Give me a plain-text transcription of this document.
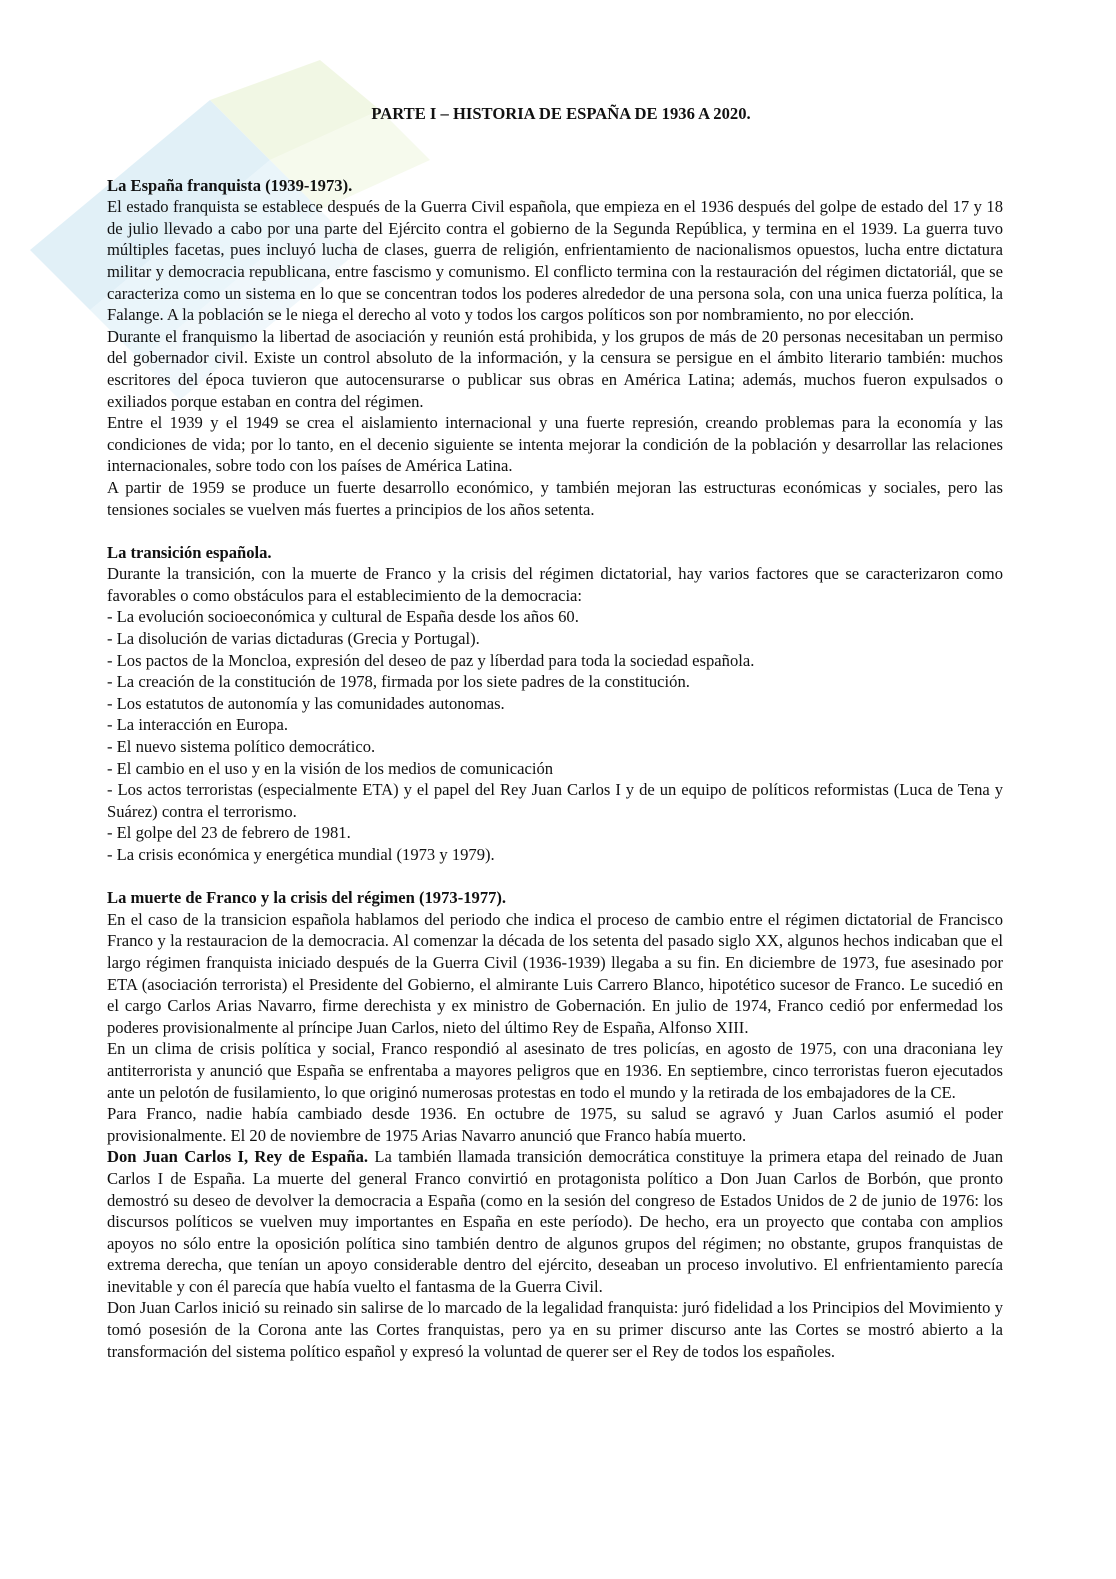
PARTE I – HISTORIA DE ESPAÑA DE 1936 A 2020.
La España franquista (1939-1973).

El estado franquista se establece después de la Guerra Civil española, que empieza en el 1936 después del golpe de estado del 17 y 18 de julio llevado a cabo por una parte del Ejército contra el gobierno de la Segunda República, y termina en el 1939. La guerra tuvo múltiples facetas, pues incluyó lucha de clases, guerra de religión, enfrientamiento de nacionalismos opuestos, lucha entre dictatura militar y democracia republicana, entre fascismo y comunismo. El conflicto termina con la restauración del régimen dictatoriál, que se caracteriza como un sistema en lo que se concentran todos los poderes alrededor de una persona sola, con una unica fuerza política, la Falange. A la población se le niega el derecho al voto y todos los cargos políticos son por nombramiento, no por elección.

Durante el franquismo la libertad de asociación y reunión está prohibida, y los grupos de más de 20 personas necesitaban un permiso del gobernador civil. Existe un control absoluto de la información, y la censura se persigue en el ámbito literario también: muchos escritores del época tuvieron que autocensurarse o publicar sus obras en América Latina; además, muchos fueron expulsados o exiliados porque estaban en contra del régimen.

Entre el 1939 y el 1949 se crea el aislamiento internacional y una fuerte represión, creando problemas para la economía y las condiciones de vida; por lo tanto, en el decenio siguiente se intenta mejorar la condición de la población y desarrollar las relaciones internacionales, sobre todo con los países de América Latina.

A partir de 1959 se produce un fuerte desarrollo económico, y también mejoran las estructuras económicas y sociales, pero las tensiones sociales se vuelven más fuertes a principios de los años setenta.

La transición española.

Durante la transición, con la muerte de Franco y la crisis del régimen dictatorial, hay varios factores que se caracterizaron como favorables o como obstáculos para el establecimiento de la democracia:

- La evolución socioeconómica y cultural de España desde los años 60.
- La disolución de varias dictaduras (Grecia y Portugal).
- Los pactos de la Moncloa, expresión del deseo de paz y líberdad para toda la sociedad española.
- La creación de la constitución de 1978, firmada por los siete padres de la constitución.
- Los estatutos de autonomía y las comunidades autonomas.
- La interacción en Europa.
- El nuevo sistema político democrático.
- El cambio en el uso y en la visión de los medios de comunicación
- Los actos terroristas (especialmente ETA) y el papel del Rey Juan Carlos I y de un equipo de políticos reformistas (Luca de Tena y Suárez) contra el terrorismo.
- El golpe del 23 de febrero de 1981.
- La crisis económica y energética mundial (1973 y 1979).
La muerte de Franco y la crisis del régimen (1973-1977).

En el caso de la transicion española hablamos del periodo che indica el proceso de cambio entre el régimen dictatorial de Francisco Franco y la restauracion de la democracia. Al comenzar la década de los setenta del pasado siglo XX, algunos hechos indicaban que el largo régimen franquista iniciado después de la Guerra Civil (1936-1939) llegaba a su fin. En diciembre de 1973, fue asesinado por ETA (asociación terrorista) el Presidente del Gobierno, el almirante Luis Carrero Blanco, hipotético sucesor de Franco. Le sucedió en el cargo Carlos Arias Navarro, firme derechista y ex ministro de Gobernación. En julio de 1974, Franco cedió por enfermedad los poderes provisionalmente al príncipe Juan Carlos, nieto del último Rey de España, Alfonso XIII.

En un clima de crisis política y social, Franco respondió al asesinato de tres policías, en agosto de 1975, con una draconiana ley antiterrorista y anunció que España se enfrentaba a mayores peligros que en 1936. En septiembre, cinco terroristas fueron ejecutados ante un pelotón de fusilamiento, lo que originó numerosas protestas en todo el mundo y la retirada de los embajadores de la CE.

Para Franco, nadie había cambiado desde 1936. En octubre de 1975, su salud se agravó y Juan Carlos asumió el poder provisionalmente. El 20 de noviembre de 1975 Arias Navarro anunció que Franco había muerto.

Don Juan Carlos I, Rey de España. La también llamada transición democrática constituye la primera etapa del reinado de Juan Carlos I de España. La muerte del general Franco convirtió en protagonista político a Don Juan Carlos de Borbón, que pronto demostró su deseo de devolver la democracia a España (como en la sesión del congreso de Estados Unidos de 2 de junio de 1976: los discursos políticos se vuelven muy importantes en España en este período). De hecho, era un proyecto que contaba con amplios apoyos no sólo entre la oposición política sino también dentro de algunos grupos del régimen; no obstante, grupos franquistas de extrema derecha, que tenían un apoyo considerable dentro del ejército, deseaban un proceso involutivo. El enfrientamiento parecía inevitable y con él parecía que había vuelto el fantasma de la Guerra Civil.

Don Juan Carlos inició su reinado sin salirse de lo marcado de la legalidad franquista: juró fidelidad a los Principios del Movimiento y tomó posesión de la Corona ante las Cortes franquistas, pero ya en su primer discurso ante las Cortes se mostró abierto a la transformación del sistema político español y expresó la voluntad de querer ser el Rey de todos los españoles.
